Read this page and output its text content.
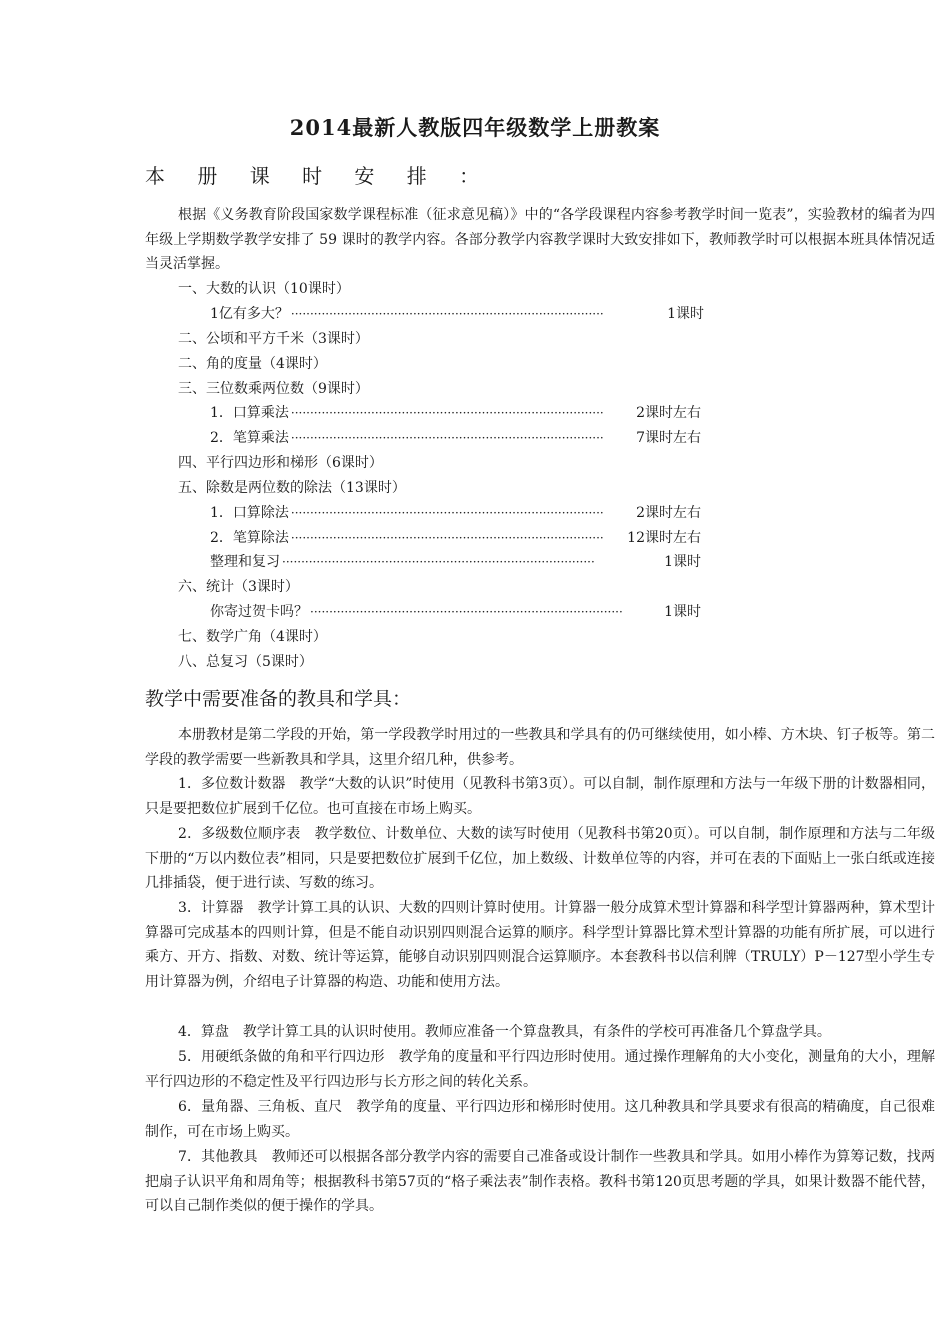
2014最新人教版四年级数学上册教案
本 册 课 时 安 排 ：
根据《义务教育阶段国家数学课程标准（征求意见稿）》中的“各学段课程内容参考教学时间一览表”，实验教材的编者为四年级上学期数学教学安排了 59 课时的教学内容。各部分教学内容教学课时大致安排如下，教师教学时可以根据本班具体情况适当灵活掌握。
一、大数的认识（10课时）
1亿有多大？ ··················································································	1课时
二、公顷和平方千米（3课时）
二、角的度量（4课时）
三、三位数乘两位数（9课时）
1．口算乘法 ··················································································	2课时左右
2．笔算乘法 ··················································································	7课时左右
四、平行四边形和梯形（6课时）
五、除数是两位数的除法（13课时）
1．口算除法 ··················································································	2课时左右
2．笔算除法 ··················································································	12课时左右
整理和复习 ··················································································	1课时
六、统计（3课时）
你寄过贺卡吗？ ··················································································	1课时
七、数学广角（4课时）
八、总复习（5课时）
教学中需要准备的教具和学具：
本册教材是第二学段的开始，第一学段教学时用过的一些教具和学具有的仍可继续使用，如小棒、方木块、钉子板等。第二学段的教学需要一些新教具和学具，这里介绍几种，供参考。
1．多位数计数器　教学“大数的认识”时使用（见教科书第3页）。可以自制，制作原理和方法与一年级下册的计数器相同，只是要把数位扩展到千亿位。也可直接在市场上购买。
2．多级数位顺序表　教学数位、计数单位、大数的读写时使用（见教科书第20页）。可以自制，制作原理和方法与二年级下册的“万以内数位表”相同，只是要把数位扩展到千亿位，加上数级、计数单位等的内容，并可在表的下面贴上一张白纸或连接几排插袋，便于进行读、写数的练习。
3．计算器　教学计算工具的认识、大数的四则计算时使用。计算器一般分成算术型计算器和科学型计算器两种，算术型计算器可完成基本的四则计算，但是不能自动识别四则混合运算的顺序。科学型计算器比算术型计算器的功能有所扩展，可以进行乘方、开方、指数、对数、统计等运算，能够自动识别四则混合运算顺序。本套教科书以信利牌（TRULY）P－127型小学生专用计算器为例，介绍电子计算器的构造、功能和使用方法。
4．算盘　教学计算工具的认识时使用。教师应准备一个算盘教具，有条件的学校可再准备几个算盘学具。
5．用硬纸条做的角和平行四边形　教学角的度量和平行四边形时使用。通过操作理解角的大小变化，测量角的大小，理解平行四边形的不稳定性及平行四边形与长方形之间的转化关系。
6．量角器、三角板、直尺　教学角的度量、平行四边形和梯形时使用。这几种教具和学具要求有很高的精确度，自己很难制作，可在市场上购买。
7．其他教具　教师还可以根据各部分教学内容的需要自己准备或设计制作一些教具和学具。如用小棒作为算筹记数，找两把扇子认识平角和周角等；根据教科书第57页的“格子乘法表”制作表格。教科书第120页思考题的学具，如果计数器不能代替，可以自己制作类似的便于操作的学具。
